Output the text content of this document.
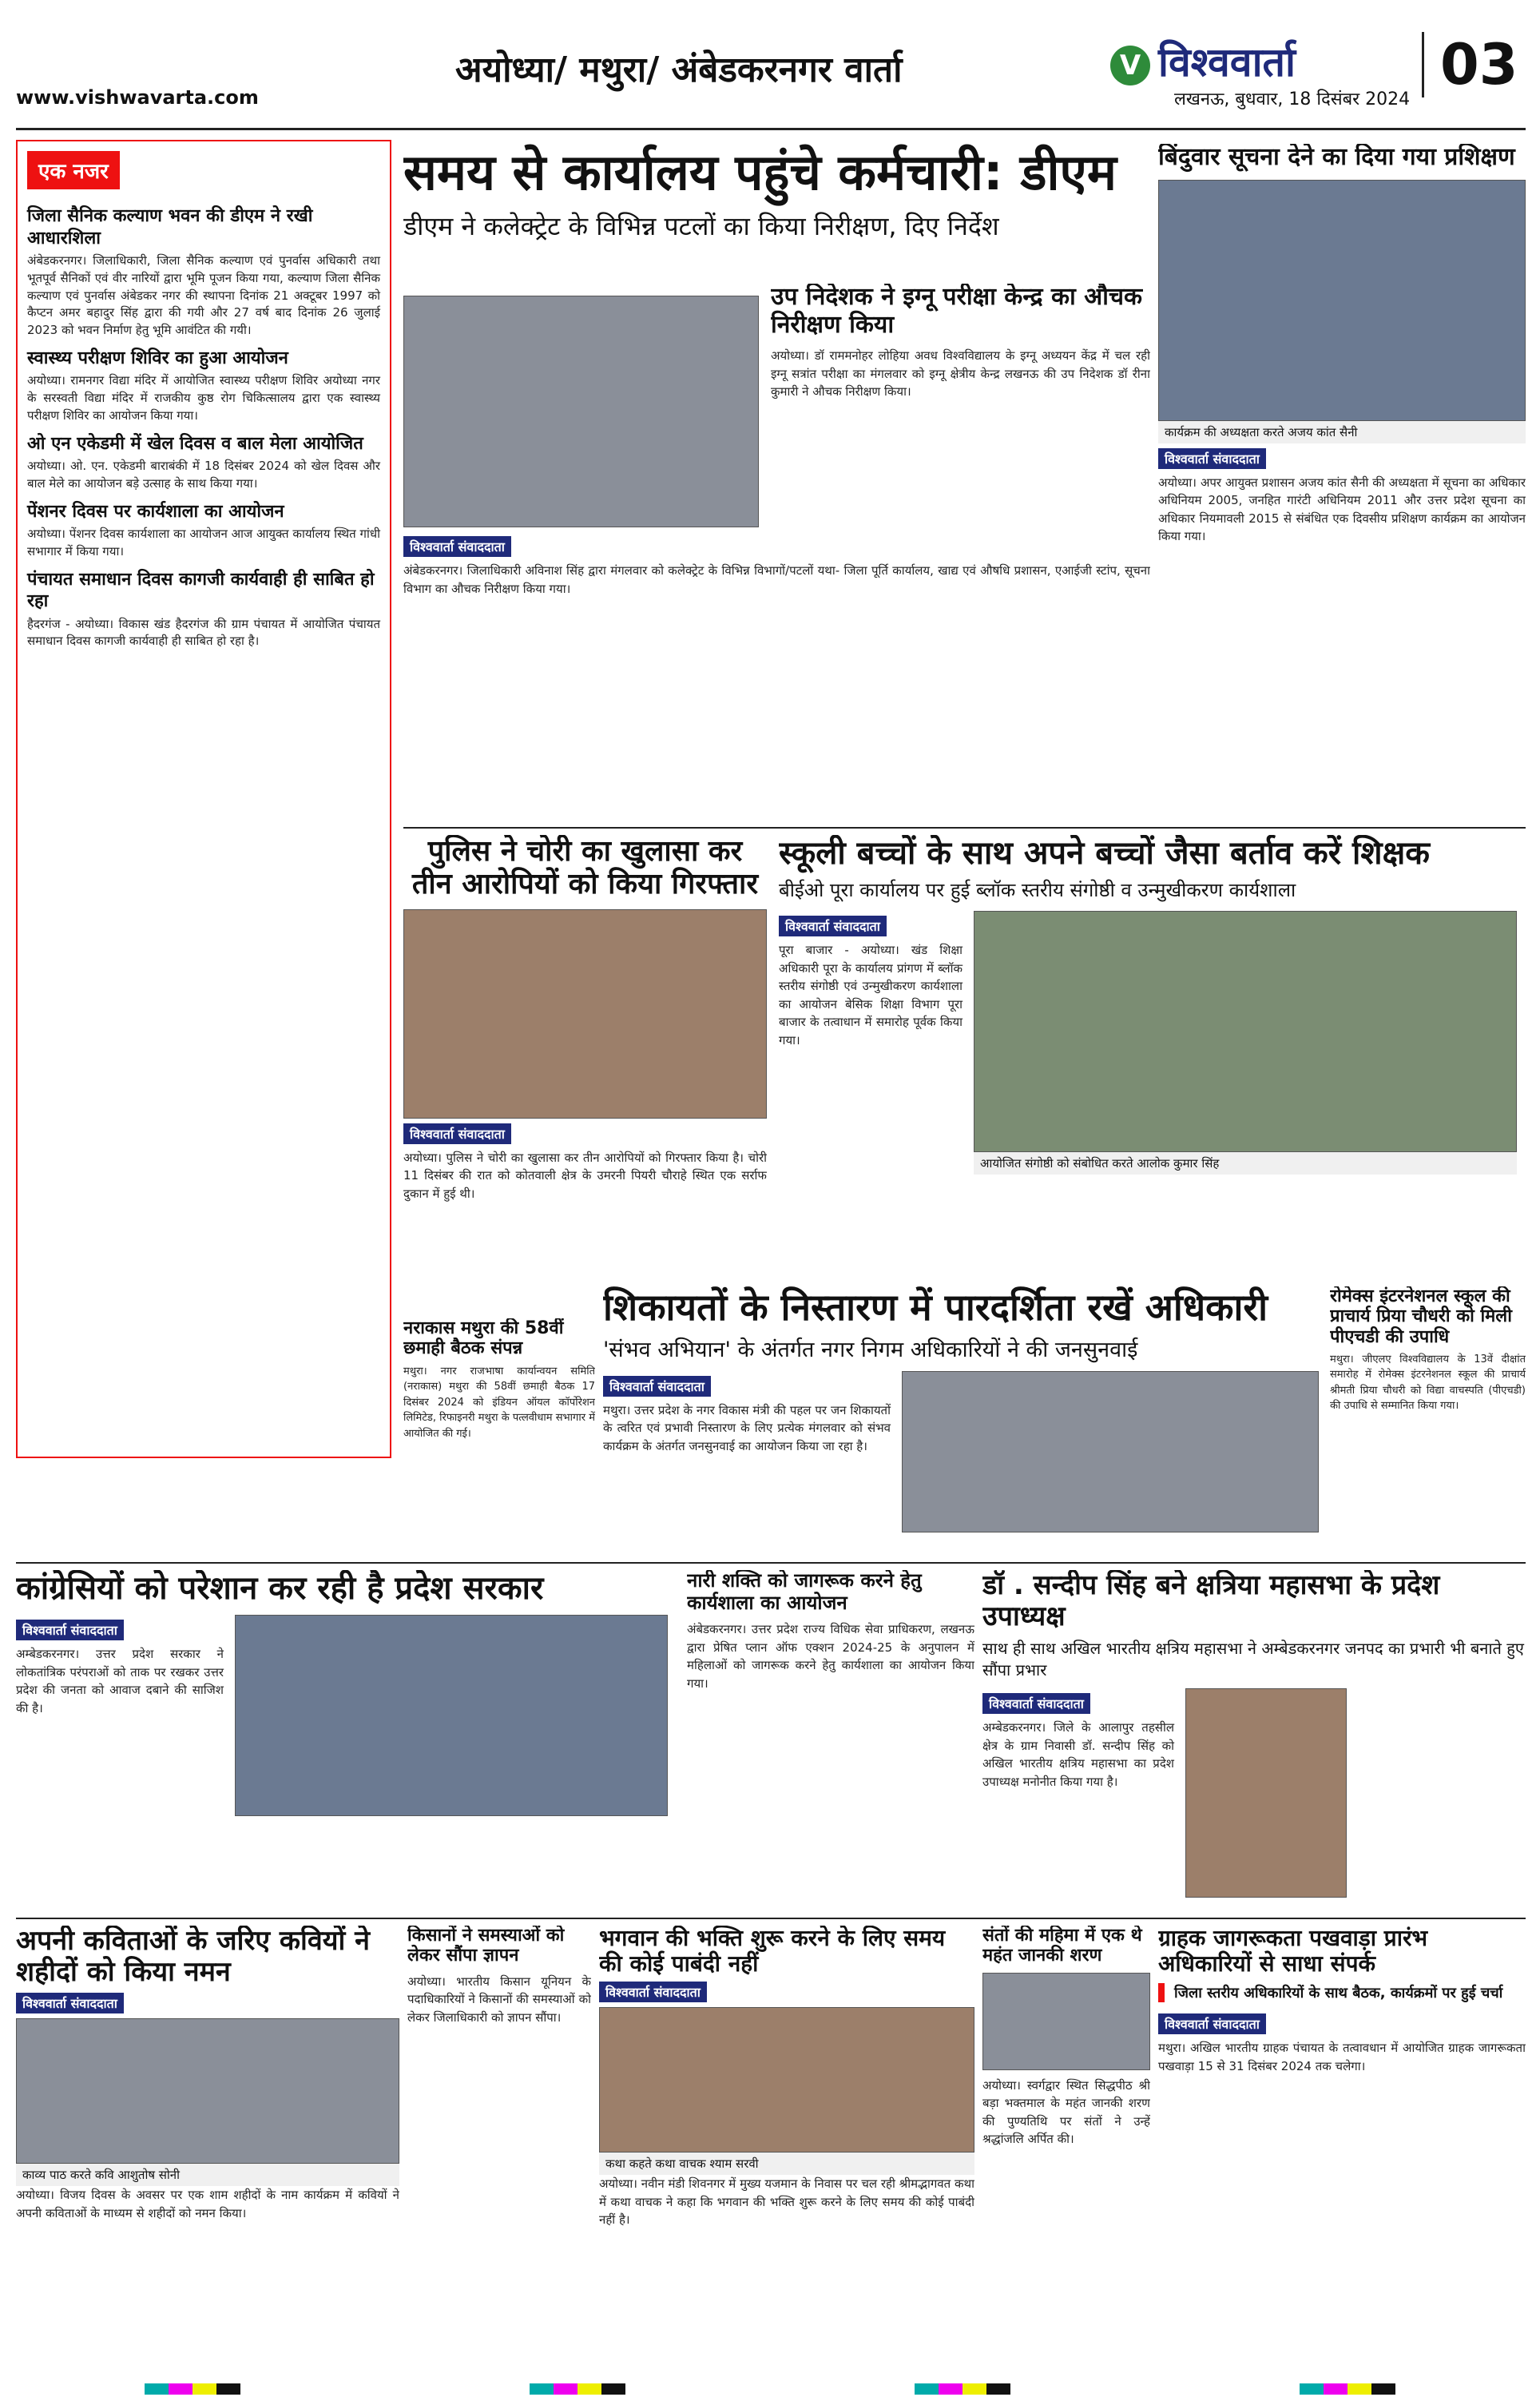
अयोध्या/ मथुरा/ अंबेडकरनगर वार्ता
www.vishwavarta.com
V विश्ववार्ता
लखनऊ, बुधवार, 18 दिसंबर 2024
03
एक नजर
जिला सैनिक कल्याण भवन की डीएम ने रखी आधारशिला

अंबेडकरनगर। जिलाधिकारी, जिला सैनिक कल्याण एवं पुनर्वास अधिकारी तथा भूतपूर्व सैनिकों एवं वीर नारियों द्वारा भूमि पूजन किया गया, कल्याण जिला सैनिक कल्याण एवं पुनर्वास अंबेडकर नगर की स्थापना दिनांक 21 अक्टूबर 1997 को कैप्टन अमर बहादुर सिंह द्वारा की गयी और 27 वर्ष बाद दिनांक 26 जुलाई 2023 को भवन निर्माण हेतु भूमि आवंटित की गयी।

स्वास्थ्य परीक्षण शिविर का हुआ आयोजन

अयोध्या। रामनगर विद्या मंदिर में आयोजित स्वास्थ्य परीक्षण शिविर अयोध्या नगर के सरस्वती विद्या मंदिर में राजकीय कुष्ठ रोग चिकित्सालय द्वारा एक स्वास्थ्य परीक्षण शिविर का आयोजन किया गया।

ओ एन एकेडमी में खेल दिवस व बाल मेला आयोजित

अयोध्या। ओ. एन. एकेडमी बाराबंकी में 18 दिसंबर 2024 को खेल दिवस और बाल मेले का आयोजन बड़े उत्साह के साथ किया गया।

पेंशनर दिवस पर कार्यशाला का आयोजन

अयोध्या। पेंशनर दिवस कार्यशाला का आयोजन आज आयुक्त कार्यालय स्थित गांधी सभागार में किया गया।

पंचायत समाधान दिवस कागजी कार्यवाही ही साबित हो रहा

हैदरगंज - अयोध्या। विकास खंड हैदरगंज की ग्राम पंचायत में आयोजित पंचायत समाधान दिवस कागजी कार्यवाही ही साबित हो रहा है।

समय से कार्यालय पहुंचे कर्मचारी: डीएम
डीएम ने कलेक्ट्रेट के विभिन्न पटलों का किया निरीक्षण, दिए निर्देश
विश्ववार्ता संवाददाता
अंबेडकरनगर। जिलाधिकारी अविनाश सिंह द्वारा मंगलवार को कलेक्ट्रेट के विभिन्न विभागों/पटलों यथा- जिला पूर्ति कार्यालय, खाद्य एवं औषधि प्रशासन, एआईजी स्टांप, सूचना विभाग का औचक निरीक्षण किया गया।
उप निदेशक ने इग्नू परीक्षा केन्द्र का औचक निरीक्षण किया
अयोध्या। डॉ राममनोहर लोहिया अवध विश्वविद्यालय के इग्नू अध्ययन केंद्र में चल रही इग्नू सत्रांत परीक्षा का मंगलवार को इग्नू क्षेत्रीय केन्द्र लखनऊ की उप निदेशक डॉ रीना कुमारी ने औचक निरीक्षण किया।
बिंदुवार सूचना देने का दिया गया प्रशिक्षण
कार्यक्रम की अध्यक्षता करते अजय कांत सैनी
विश्ववार्ता संवाददाता
अयोध्या। अपर आयुक्त प्रशासन अजय कांत सैनी की अध्यक्षता में सूचना का अधिकार अधिनियम 2005, जनहित गारंटी अधिनियम 2011 और उत्तर प्रदेश सूचना का अधिकार नियमावली 2015 से संबंधित एक दिवसीय प्रशिक्षण कार्यक्रम का आयोजन किया गया।
पुलिस ने चोरी का खुलासा कर तीन आरोपियों को किया गिरफ्तार
विश्ववार्ता संवाददाता
अयोध्या। पुलिस ने चोरी का खुलासा कर तीन आरोपियों को गिरफ्तार किया है। चोरी 11 दिसंबर की रात को कोतवाली क्षेत्र के उमरनी पियरी चौराहे स्थित एक सर्राफ दुकान में हुई थी।
स्कूली बच्चों के साथ अपने बच्चों जैसा बर्ताव करें शिक्षक
बीईओ पूरा कार्यालय पर हुई ब्लॉक स्तरीय संगोष्ठी व उन्मुखीकरण कार्यशाला
विश्ववार्ता संवाददाता
पूरा बाजार - अयोध्या। खंड शिक्षा अधिकारी पूरा के कार्यालय प्रांगण में ब्लॉक स्तरीय संगोष्ठी एवं उन्मुखीकरण कार्यशाला का आयोजन बेसिक शिक्षा विभाग पूरा बाजार के तत्वाधान में समारोह पूर्वक किया गया।
आयोजित संगोष्ठी को संबोधित करते आलोक कुमार सिंह
नराकास मथुरा की 58वीं छमाही बैठक संपन्न
मथुरा। नगर राजभाषा कार्यान्वयन समिति (नराकास) मथुरा की 58वीं छमाही बैठक 17 दिसंबर 2024 को इंडियन ऑयल कॉर्पोरेशन लिमिटेड, रिफाइनरी मथुरा के पत्लवीधाम सभागार में आयोजित की गई।
शिकायतों के निस्तारण में पारदर्शिता रखें अधिकारी
'संभव अभियान' के अंतर्गत नगर निगम अधिकारियों ने की जनसुनवाई
विश्ववार्ता संवाददाता
मथुरा। उत्तर प्रदेश के नगर विकास मंत्री की पहल पर जन शिकायतों के त्वरित एवं प्रभावी निस्तारण के लिए प्रत्येक मंगलवार को संभव कार्यक्रम के अंतर्गत जनसुनवाई का आयोजन किया जा रहा है।
रोमेक्स इंटरनेशनल स्कूल की प्राचार्य प्रिया चौधरी को मिली पीएचडी की उपाधि
मथुरा। जीएलए विश्वविद्यालय के 13वें दीक्षांत समारोह में रोमेक्स इंटरनेशनल स्कूल की प्राचार्य श्रीमती प्रिया चौधरी को विद्या वाचस्पति (पीएचडी) की उपाधि से सम्मानित किया गया।
कांग्रेसियों को परेशान कर रही है प्रदेश सरकार
विश्ववार्ता संवाददाता
अम्बेडकरनगर। उत्तर प्रदेश सरकार ने लोकतांत्रिक परंपराओं को ताक पर रखकर उत्तर प्रदेश की जनता को आवाज दबाने की साजिश की है।
नारी शक्ति को जागरूक करने हेतु कार्यशाला का आयोजन
अंबेडकरनगर। उत्तर प्रदेश राज्य विधिक सेवा प्राधिकरण, लखनऊ द्वारा प्रेषित प्लान ऑफ एक्शन 2024-25 के अनुपालन में महिलाओं को जागरूक करने हेतु कार्यशाला का आयोजन किया गया।
डॉ . सन्दीप सिंह बने क्षत्रिया महासभा के प्रदेश उपाध्यक्ष
साथ ही साथ अखिल भारतीय क्षत्रिय महासभा ने अम्बेडकरनगर जनपद का प्रभारी भी बनाते हुए सौंपा प्रभार
विश्ववार्ता संवाददाता
अम्बेडकरनगर। जिले के आलापुर तहसील क्षेत्र के ग्राम निवासी डॉ. सन्दीप सिंह को अखिल भारतीय क्षत्रिय महासभा का प्रदेश उपाध्यक्ष मनोनीत किया गया है।
अपनी कविताओं के जरिए कवियों ने शहीदों को किया नमन
विश्ववार्ता संवाददाता
काव्य पाठ करते कवि आशुतोष सोनी
अयोध्या। विजय दिवस के अवसर पर एक शाम शहीदों के नाम कार्यक्रम में कवियों ने अपनी कविताओं के माध्यम से शहीदों को नमन किया।
किसानों ने समस्याओं को लेकर सौंपा ज्ञापन
अयोध्या। भारतीय किसान यूनियन के पदाधिकारियों ने किसानों की समस्याओं को लेकर जिलाधिकारी को ज्ञापन सौंपा।
भगवान की भक्ति शुरू करने के लिए समय की कोई पाबंदी नहीं
विश्ववार्ता संवाददाता
कथा कहते कथा वाचक श्याम सरवी
अयोध्या। नवीन मंडी शिवनगर में मुख्य यजमान के निवास पर चल रही श्रीमद्भागवत कथा में कथा वाचक ने कहा कि भगवान की भक्ति शुरू करने के लिए समय की कोई पाबंदी नहीं है।
संतों की महिमा में एक थे महंत जानकी शरण
अयोध्या। स्वर्गद्वार स्थित सिद्धपीठ श्री बड़ा भक्तमाल के महंत जानकी शरण की पुण्यतिथि पर संतों ने उन्हें श्रद्धांजलि अर्पित की।
ग्राहक जागरूकता पखवाड़ा प्रारंभ अधिकारियों से साधा संपर्क
जिला स्तरीय अधिकारियों के साथ बैठक, कार्यक्रमों पर हुई चर्चा
विश्ववार्ता संवाददाता
मथुरा। अखिल भारतीय ग्राहक पंचायत के तत्वावधान में आयोजित ग्राहक जागरूकता पखवाड़ा 15 से 31 दिसंबर 2024 तक चलेगा।
